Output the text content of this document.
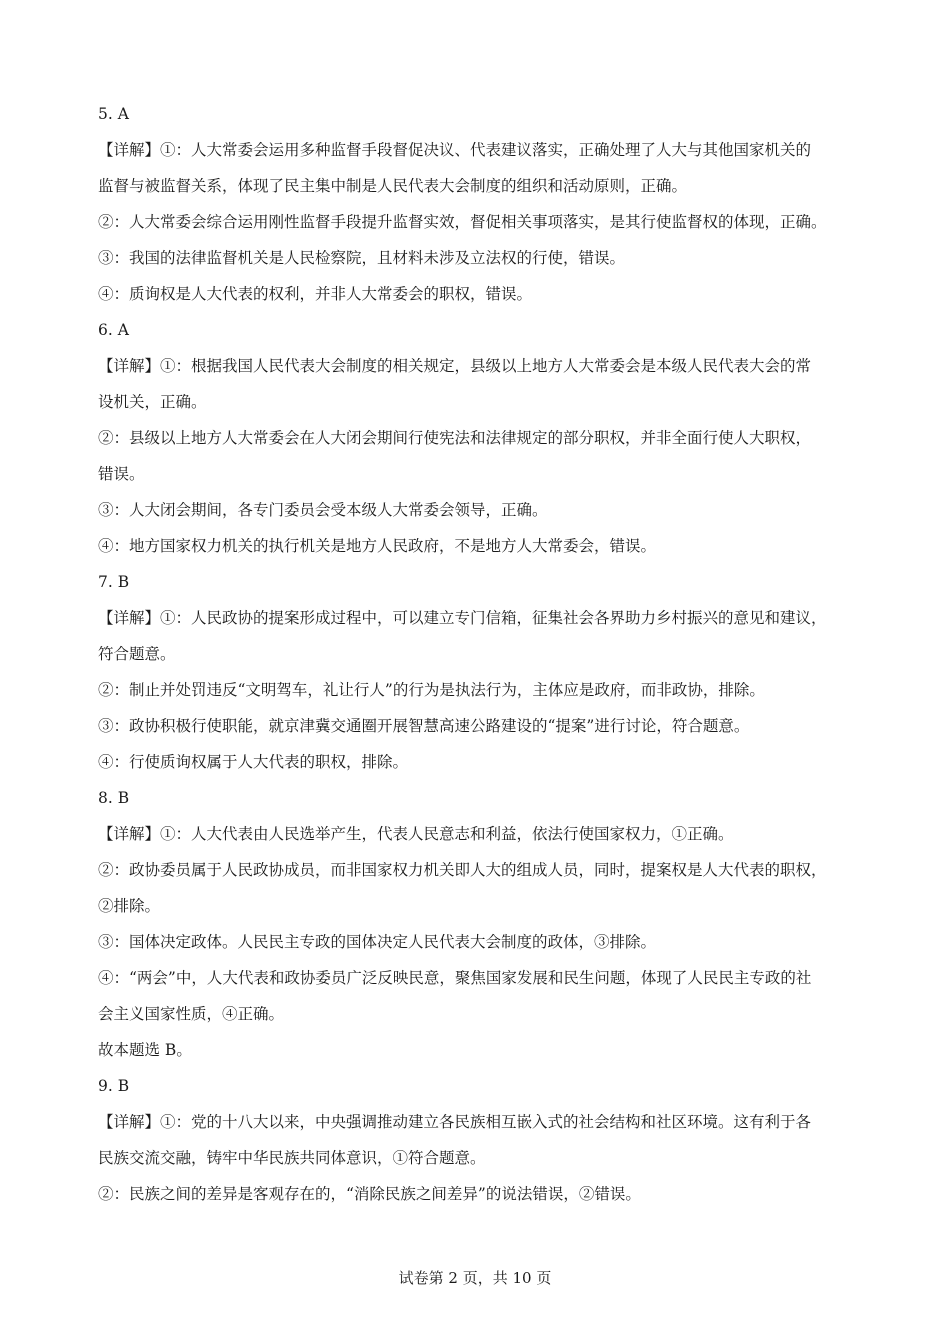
5. A
【详解】①：人大常委会运用多种监督手段督促决议、代表建议落实，正确处理了人大与其他国家机关的
监督与被监督关系，体现了民主集中制是人民代表大会制度的组织和活动原则，正确。
②：人大常委会综合运用刚性监督手段提升监督实效，督促相关事项落实，是其行使监督权的体现，正确。
③：我国的法律监督机关是人民检察院，且材料未涉及立法权的行使，错误。
④：质询权是人大代表的权利，并非人大常委会的职权，错误。
6. A
【详解】①：根据我国人民代表大会制度的相关规定，县级以上地方人大常委会是本级人民代表大会的常
设机关，正确。
②：县级以上地方人大常委会在人大闭会期间行使宪法和法律规定的部分职权，并非全面行使人大职权，
错误。
③：人大闭会期间，各专门委员会受本级人大常委会领导，正确。
④：地方国家权力机关的执行机关是地方人民政府，不是地方人大常委会，错误。
7. B
【详解】①：人民政协的提案形成过程中，可以建立专门信箱，征集社会各界助力乡村振兴的意见和建议，
符合题意。
②：制止并处罚违反“文明驾车，礼让行人”的行为是执法行为，主体应是政府，而非政协，排除。
③：政协积极行使职能，就京津冀交通圈开展智慧高速公路建设的“提案”进行讨论，符合题意。
④：行使质询权属于人大代表的职权，排除。
8. B
【详解】①：人大代表由人民选举产生，代表人民意志和利益，依法行使国家权力，①正确。
②：政协委员属于人民政协成员，而非国家权力机关即人大的组成人员，同时，提案权是人大代表的职权，
②排除。
③：国体决定政体。人民民主专政的国体决定人民代表大会制度的政体，③排除。
④：“两会”中，人大代表和政协委员广泛反映民意，聚焦国家发展和民生问题，体现了人民民主专政的社
会主义国家性质，④正确。
故本题选 B。
9. B
【详解】①：党的十八大以来，中央强调推动建立各民族相互嵌入式的社会结构和社区环境。这有利于各
民族交流交融，铸牢中华民族共同体意识，①符合题意。
②：民族之间的差异是客观存在的，“消除民族之间差异”的说法错误，②错误。
试卷第 2 页，共 10 页
